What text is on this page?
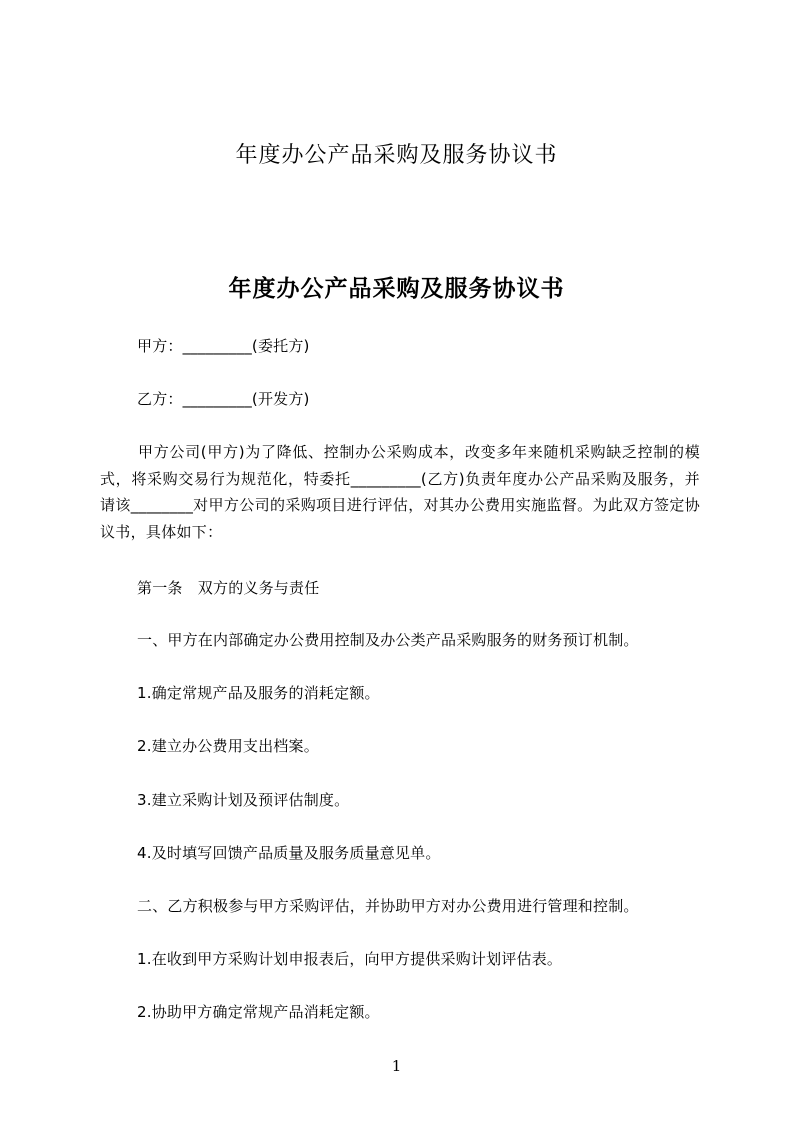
年度办公产品采购及服务协议书
年度办公产品采购及服务协议书
甲方：_________(委托方)
乙方：_________(开发方)
甲方公司(甲方)为了降低、控制办公采购成本，改变多年来随机采购缺乏控制的模式，将采购交易行为规范化，特委托_________(乙方)负责年度办公产品采购及服务，并请该________对甲方公司的采购项目进行评估，对其办公费用实施监督。为此双方签定协议书，具体如下：
第一条　双方的义务与责任
一、甲方在内部确定办公费用控制及办公类产品采购服务的财务预订机制。
1.确定常规产品及服务的消耗定额。
2.建立办公费用支出档案。
3.建立采购计划及预评估制度。
4.及时填写回馈产品质量及服务质量意见单。
二、乙方积极参与甲方采购评估，并协助甲方对办公费用进行管理和控制。
1.在收到甲方采购计划申报表后，向甲方提供采购计划评估表。
2.协助甲方确定常规产品消耗定额。
1
